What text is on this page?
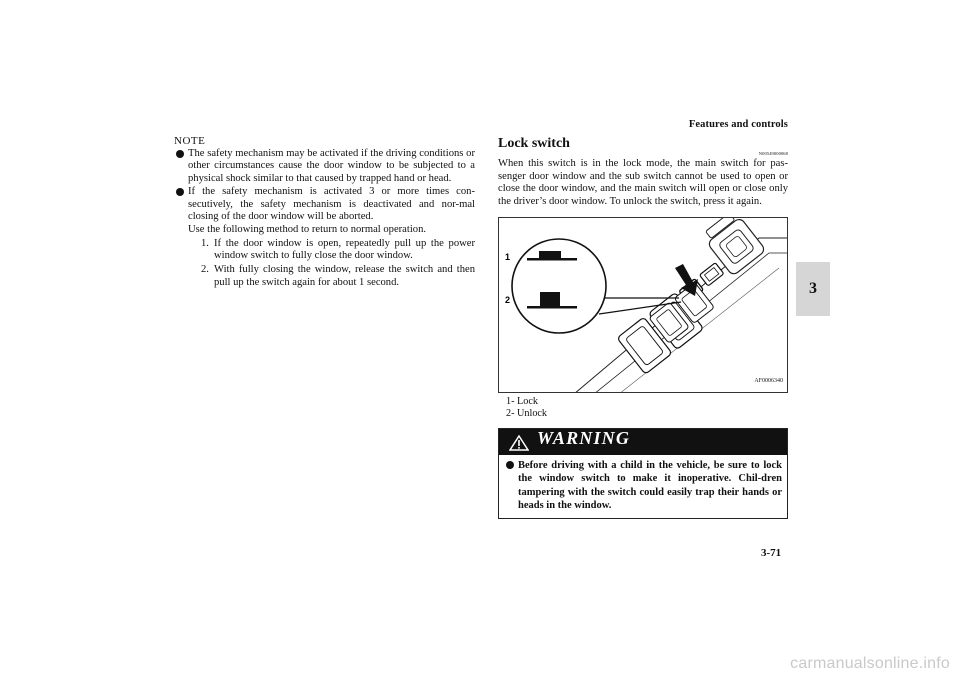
Features and controls
3
NOTE
The safety mechanism may be activated if the driving conditions or other circumstances cause the door window to be subjected to a physical shock similar to that caused by trapped hand or head.
If the safety mechanism is activated 3 or more times con-secutively, the safety mechanism is deactivated and nor-mal closing of the door window will be aborted.
Use the following method to return to normal operation.
1. If the door window is open, repeatedly pull up the power window switch to fully close the door window.
2. With fully closing the window, release the switch and then pull up the switch again for about 1 second.
Lock switch
N00549000068
When this switch is in the lock mode, the main switch for pas-senger door window and the sub switch cannot be used to open or close the door window, and the main switch will open or close only the driver’s door window. To unlock the switch, press it again.
1
2
AF0006340
1- Lock
2- Unlock
WARNING
Before driving with a child in the vehicle, be sure to lock the window switch to make it inoperative. Chil-dren tampering with the switch could easily trap their hands or heads in the window.
3-71
carmanualsonline.info
